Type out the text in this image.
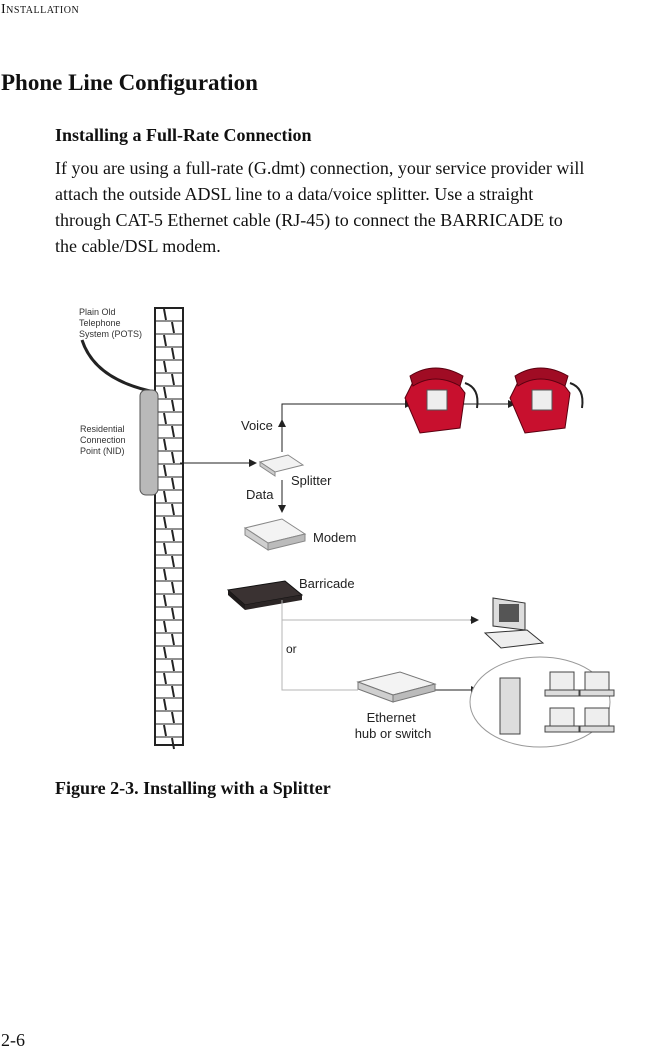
Installation
Phone Line Configuration
Installing a Full-Rate Connection
If you are using a full-rate (G.dmt) connection, your service provider will
attach the outside ADSL line to a data/voice splitter. Use a straight
through CAT-5 Ethernet cable (RJ-45) to connect the BARRICADE to
the cable/DSL modem.
Plain Old Telephone System (POTS)
Residential Connection Point (NID)
Voice
Splitter
Data
Modem
Barricade
or
Ethernet hub or switch
Figure 2-3. Installing with a Splitter
2-6
